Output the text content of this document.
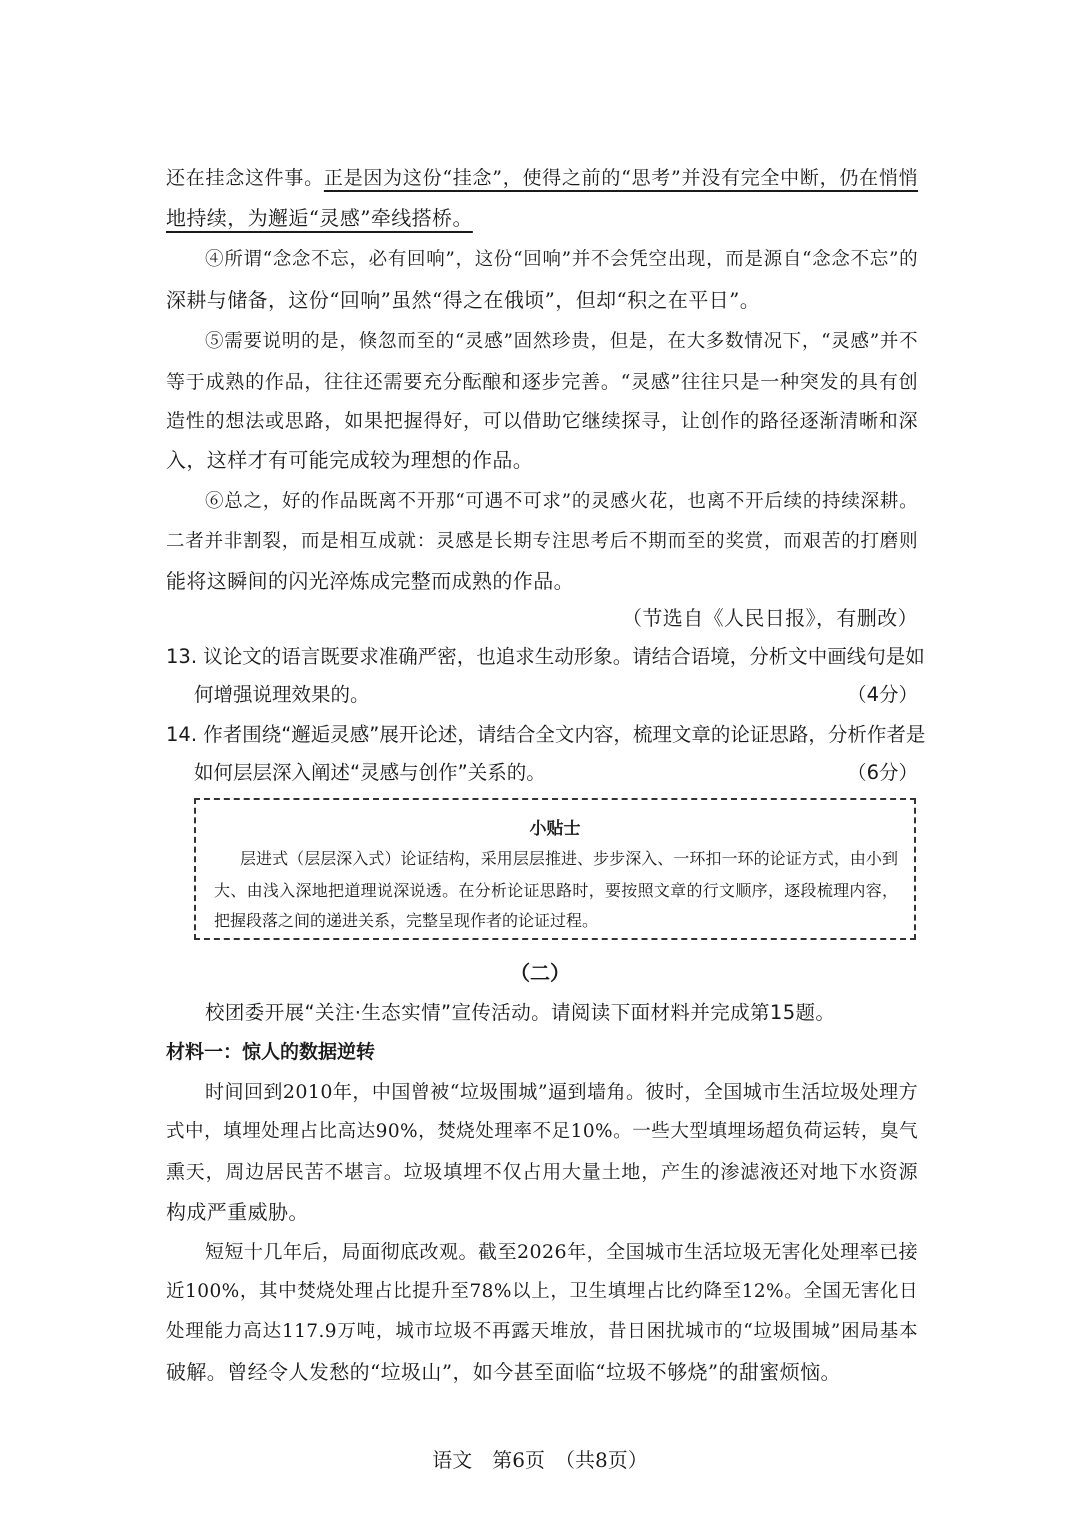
还在挂念这件事。正是因为这份“挂念”，使得之前的“思考”并没有完全中断，仍在悄悄
地持续，为邂逅“灵感”牵线搭桥。
④所谓“念念不忘，必有回响”，这份“回响”并不会凭空出现，而是源自“念念不忘”的
深耕与储备，这份“回响”虽然“得之在俄顷”，但却“积之在平日”。
⑤需要说明的是，倏忽而至的“灵感”固然珍贵，但是，在大多数情况下，“灵感”并不
等于成熟的作品，往往还需要充分酝酿和逐步完善。“灵感”往往只是一种突发的具有创
造性的想法或思路，如果把握得好，可以借助它继续探寻，让创作的路径逐渐清晰和深
入，这样才有可能完成较为理想的作品。
⑥总之，好的作品既离不开那“可遇不可求”的灵感火花，也离不开后续的持续深耕。
二者并非割裂，而是相互成就：灵感是长期专注思考后不期而至的奖赏，而艰苦的打磨则
能将这瞬间的闪光淬炼成完整而成熟的作品。
（节选自《人民日报》，有删改）
13. 议论文的语言既要求准确严密，也追求生动形象。请结合语境，分析文中画线句是如
何增强说理效果的。	（4分）
14. 作者围绕“邂逅灵感”展开论述，请结合全文内容，梳理文章的论证思路，分析作者是
如何层层深入阐述“灵感与创作”关系的。	（6分）
小贴士
层进式（层层深入式）论证结构，采用层层推进、步步深入、一环扣一环的论证方式，由小到
大、由浅入深地把道理说深说透。在分析论证思路时，要按照文章的行文顺序，逐段梳理内容，
把握段落之间的递进关系，完整呈现作者的论证过程。
（二）
校团委开展“关注·生态实情”宣传活动。请阅读下面材料并完成第15题。
材料一：惊人的数据逆转
时间回到2010年，中国曾被“垃圾围城”逼到墙角。彼时，全国城市生活垃圾处理方
式中，填埋处理占比高达90%，焚烧处理率不足10%。一些大型填埋场超负荷运转，臭气
熏天，周边居民苦不堪言。垃圾填埋不仅占用大量土地，产生的渗滤液还对地下水资源
构成严重威胁。
短短十几年后，局面彻底改观。截至2026年，全国城市生活垃圾无害化处理率已接
近100%，其中焚烧处理占比提升至78%以上，卫生填埋占比约降至12%。全国无害化日
处理能力高达117.9万吨，城市垃圾不再露天堆放，昔日困扰城市的“垃圾围城”困局基本
破解。曾经令人发愁的“垃圾山”，如今甚至面临“垃圾不够烧”的甜蜜烦恼。
语文　第6页　（共8页）
